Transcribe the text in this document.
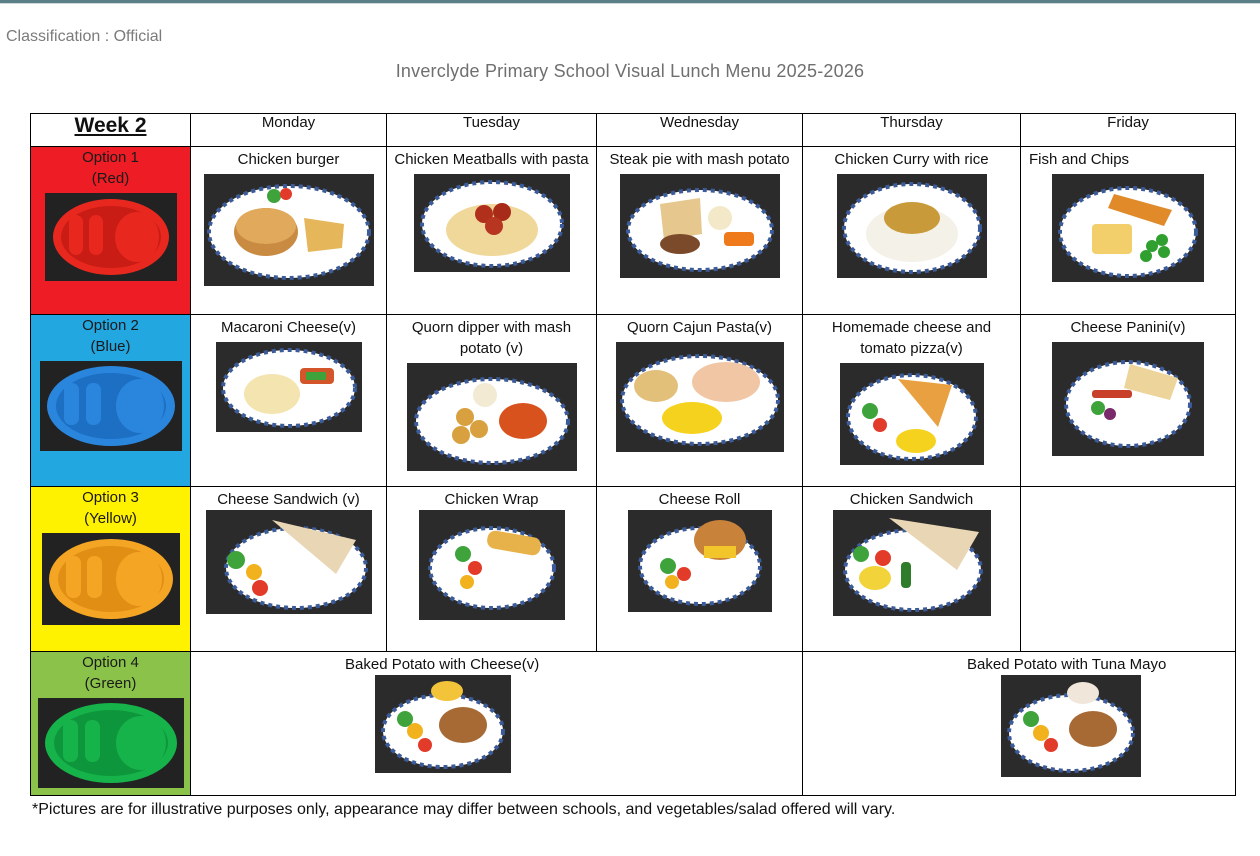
Classification : Official
Inverclyde Primary School Visual Lunch Menu 2025-2026
Week 2	Monday	Tuesday	Wednesday	Thursday	Friday

Option 1
(Red)	Chicken burger	Chicken Meatballs with pasta	Steak pie with mash potato	Chicken Curry with rice	Fish and Chips

Option 2
(Blue)	Macaroni Cheese(v)	Quorn dipper with mash potato (v)	Quorn Cajun Pasta(v)	Homemade cheese and tomato pizza(v)	Cheese Panini(v)

Option 3
(Yellow)	Cheese Sandwich (v)	Chicken Wrap	Cheese Roll	Chicken Sandwich	

Option 4
(Green)	Baked Potato with Cheese(v)			Baked Potato with Tuna Mayo	
*Pictures are for illustrative purposes only, appearance may differ between schools, and vegetables/salad offered will vary.
